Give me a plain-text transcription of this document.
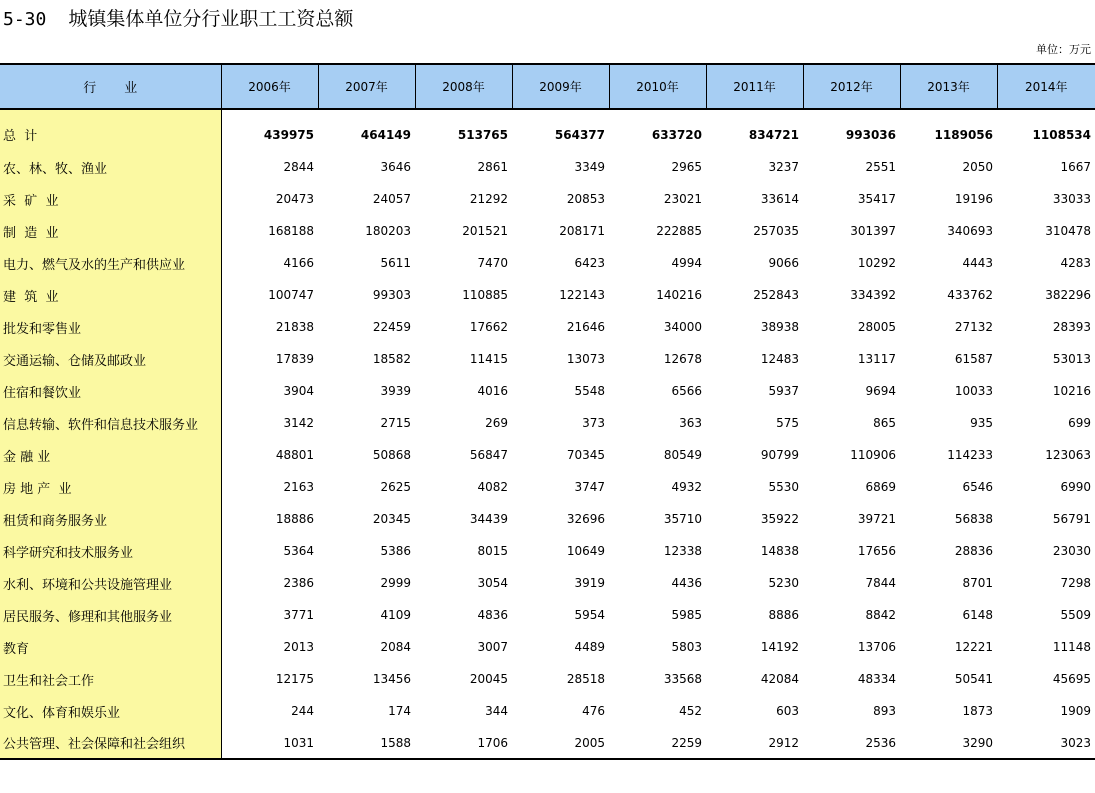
5-30 城镇集体单位分行业职工工资总额
单位：万元
行业	2006年	2007年	2008年	2009年	2010年	2011年	2012年	2013年	2014年
总  计	439975	464149	513765	564377	633720	834721	993036	1189056	1108534
农、林、牧、渔业	2844	3646	2861	3349	2965	3237	2551	2050	1667
采  矿  业	20473	24057	21292	20853	23021	33614	35417	19196	33033
制  造  业	168188	180203	201521	208171	222885	257035	301397	340693	310478
电力、燃气及水的生产和供应业	4166	5611	7470	6423	4994	9066	10292	4443	4283
建  筑  业	100747	99303	110885	122143	140216	252843	334392	433762	382296
批发和零售业	21838	22459	17662	21646	34000	38938	28005	27132	28393
交通运输、仓储及邮政业	17839	18582	11415	13073	12678	12483	13117	61587	53013
住宿和餐饮业	3904	3939	4016	5548	6566	5937	9694	10033	10216
信息转输、软件和信息技术服务业	3142	2715	269	373	363	575	865	935	699
金 融 业	48801	50868	56847	70345	80549	90799	110906	114233	123063
房 地 产  业	2163	2625	4082	3747	4932	5530	6869	6546	6990
租赁和商务服务业	18886	20345	34439	32696	35710	35922	39721	56838	56791
科学研究和技术服务业	5364	5386	8015	10649	12338	14838	17656	28836	23030
水利、环境和公共设施管理业	2386	2999	3054	3919	4436	5230	7844	8701	7298
居民服务、修理和其他服务业	3771	4109	4836	5954	5985	8886	8842	6148	5509
教育	2013	2084	3007	4489	5803	14192	13706	12221	11148
卫生和社会工作	12175	13456	20045	28518	33568	42084	48334	50541	45695
文化、体育和娱乐业	244	174	344	476	452	603	893	1873	1909
公共管理、社会保障和社会组织	1031	1588	1706	2005	2259	2912	2536	3290	3023
